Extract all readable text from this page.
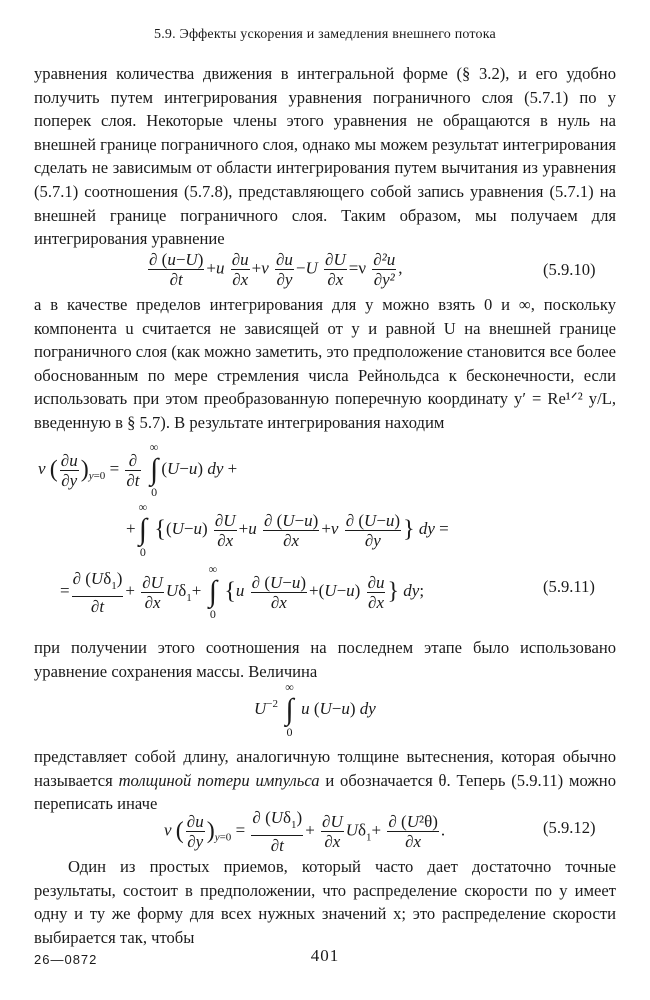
5.9. Эффекты ускорения и замедления внешнего потока

уравнения количества движения в интегральной форме (§ 3.2), и его удобно получить путем интегрирования уравнения пограничного слоя (5.7.1) по y поперек слоя. Некоторые члены этого уравнения не обращаются в нуль на внешней границе пограничного слоя, однако мы можем результат интегрирования сделать не зависимым от области интегрирования путем вычитания из уравнения (5.7.1) соотношения (5.7.8), представляющего собой запись уравнения (5.7.1) на внешней границе пограничного слоя. Таким образом, мы получаем для интегрирования уравнение

$\frac{\partial (u-U)}{\partial t} +u \frac{\partial u}{\partial x} +v \frac{\partial u}{\partial y} -U \frac{\partial U}{\partial x} =\nu \frac{\text{∂²u}}{\text{∂y²}}$ ,	(5.9.10)

а в качестве пределов интегрирования для y можно взять 0 и ∞, поскольку компонента u считается не зависящей от y и равной U на внешней границе пограничного слоя (как можно заметить, это предположение становится все более обоснованным по мере стремления числа Рейнольдса к бесконечности, если использовать при этом преобразованную поперечную координату y′ = Re¹ᐟ² y/L, введенную в § 5.7). В результате интегрирования находим

ν ( $\frac{\partial u}{\partial y} )_{y=0} = \frac{\partial}{\partial t}$

∞
∫
0
(U−u) dy +
+
∞
∫
0
{$(U-u) \frac{\partial U}{\partial x} +u \frac{\partial (U-u)}{\partial x} +v \frac{\partial (U-u)}{\partial y}$ } dy =
= $\frac{\partial (U\delta_1)}{\partial t} + \frac{\partial U}{\partial x} U\delta_1+$
∞
∫
0
{$u \frac{\partial (U-u)}{\partial x} +(U-u) \frac{\partial u}{\partial x}$ } dy;	(5.9.11)

при получении этого соотношения на последнем этапе было использовано уравнение сохранения массы. Величина

$U^{-2}$
∞
∫
0
u (U−u) dy

представляет собой длину, аналогичную толщине вытеснения, которая обычно называется толщиной потери импульса и обозначается θ. Теперь (5.9.11) можно переписать иначе

ν ( $\frac{\partial u}{\partial y} )_{y=0} = \frac{\partial (U\delta_1)}{\partial t} + \frac{\partial U}{\partial x} U\delta_1+ \frac{\text{∂ (U²θ)}}{\partial x}$ .	(5.9.12)

Один из простых приемов, который часто дает достаточно точные результаты, состоит в предположении, что распределение скорости по y имеет одну и ту же форму для всех нужных значений x; это распределение скорости выбирается так, чтобы

26—0872	401
